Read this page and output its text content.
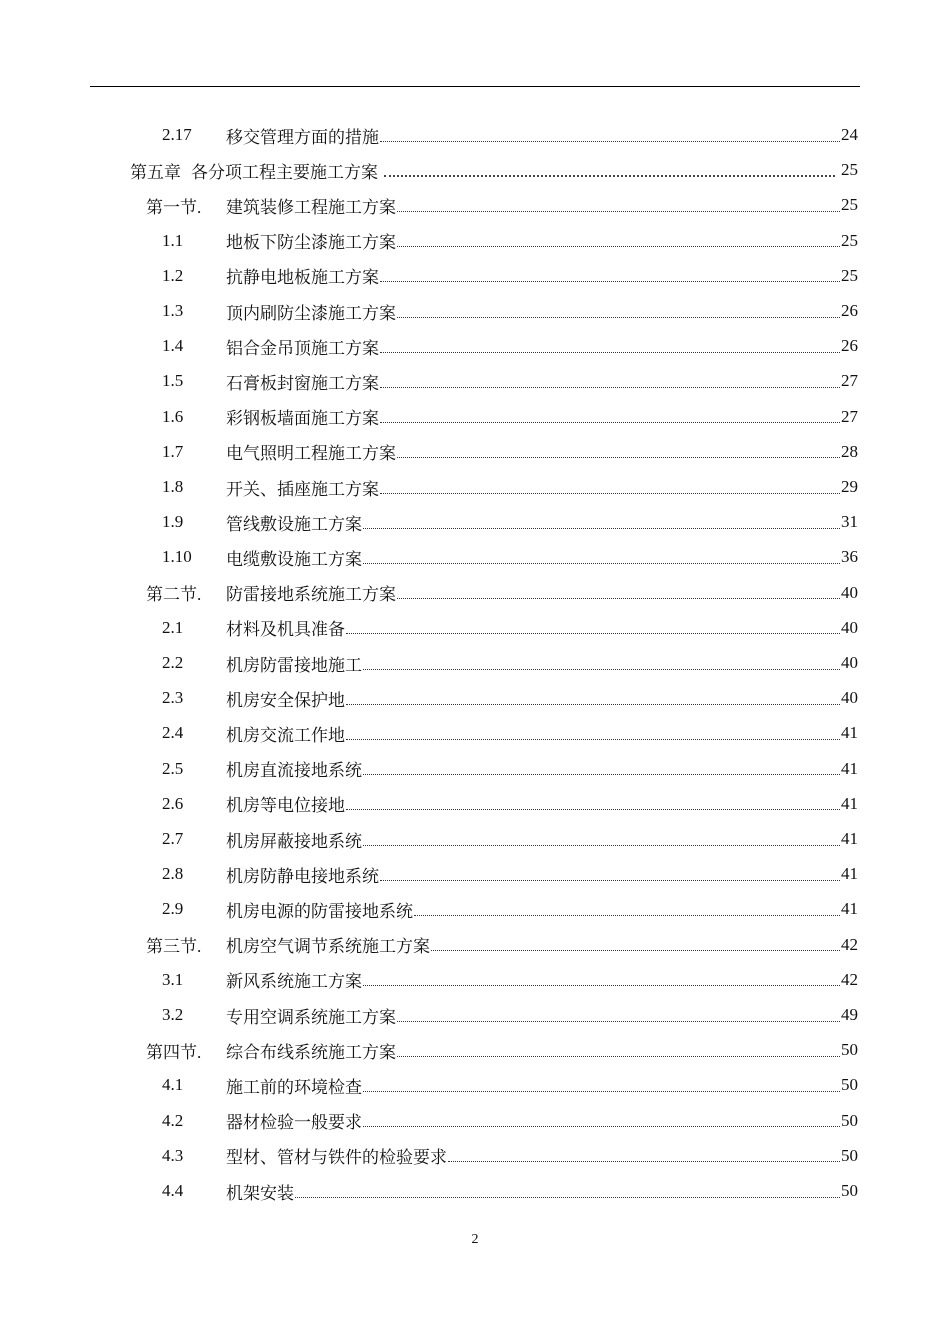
2.17	移交管理方面的措施	24
第五章 各分项工程主要施工方案	25
第一节.	建筑装修工程施工方案	25
1.1	地板下防尘漆施工方案	25
1.2	抗静电地板施工方案	25
1.3	顶内刷防尘漆施工方案	26
1.4	铝合金吊顶施工方案	26
1.5	石膏板封窗施工方案	27
1.6	彩钢板墙面施工方案	27
1.7	电气照明工程施工方案	28
1.8	开关、插座施工方案	29
1.9	管线敷设施工方案	31
1.10	电缆敷设施工方案	36
第二节.	防雷接地系统施工方案	40
2.1	材料及机具准备	40
2.2	机房防雷接地施工	40
2.3	机房安全保护地	40
2.4	机房交流工作地	41
2.5	机房直流接地系统	41
2.6	机房等电位接地	41
2.7	机房屏蔽接地系统	41
2.8	机房防静电接地系统	41
2.9	机房电源的防雷接地系统	41
第三节.	机房空气调节系统施工方案	42
3.1	新风系统施工方案	42
3.2	专用空调系统施工方案	49
第四节.	综合布线系统施工方案	50
4.1	施工前的环境检查	50
4.2	器材检验一般要求	50
4.3	型材、管材与铁件的检验要求	50
4.4	机架安装	50
2
